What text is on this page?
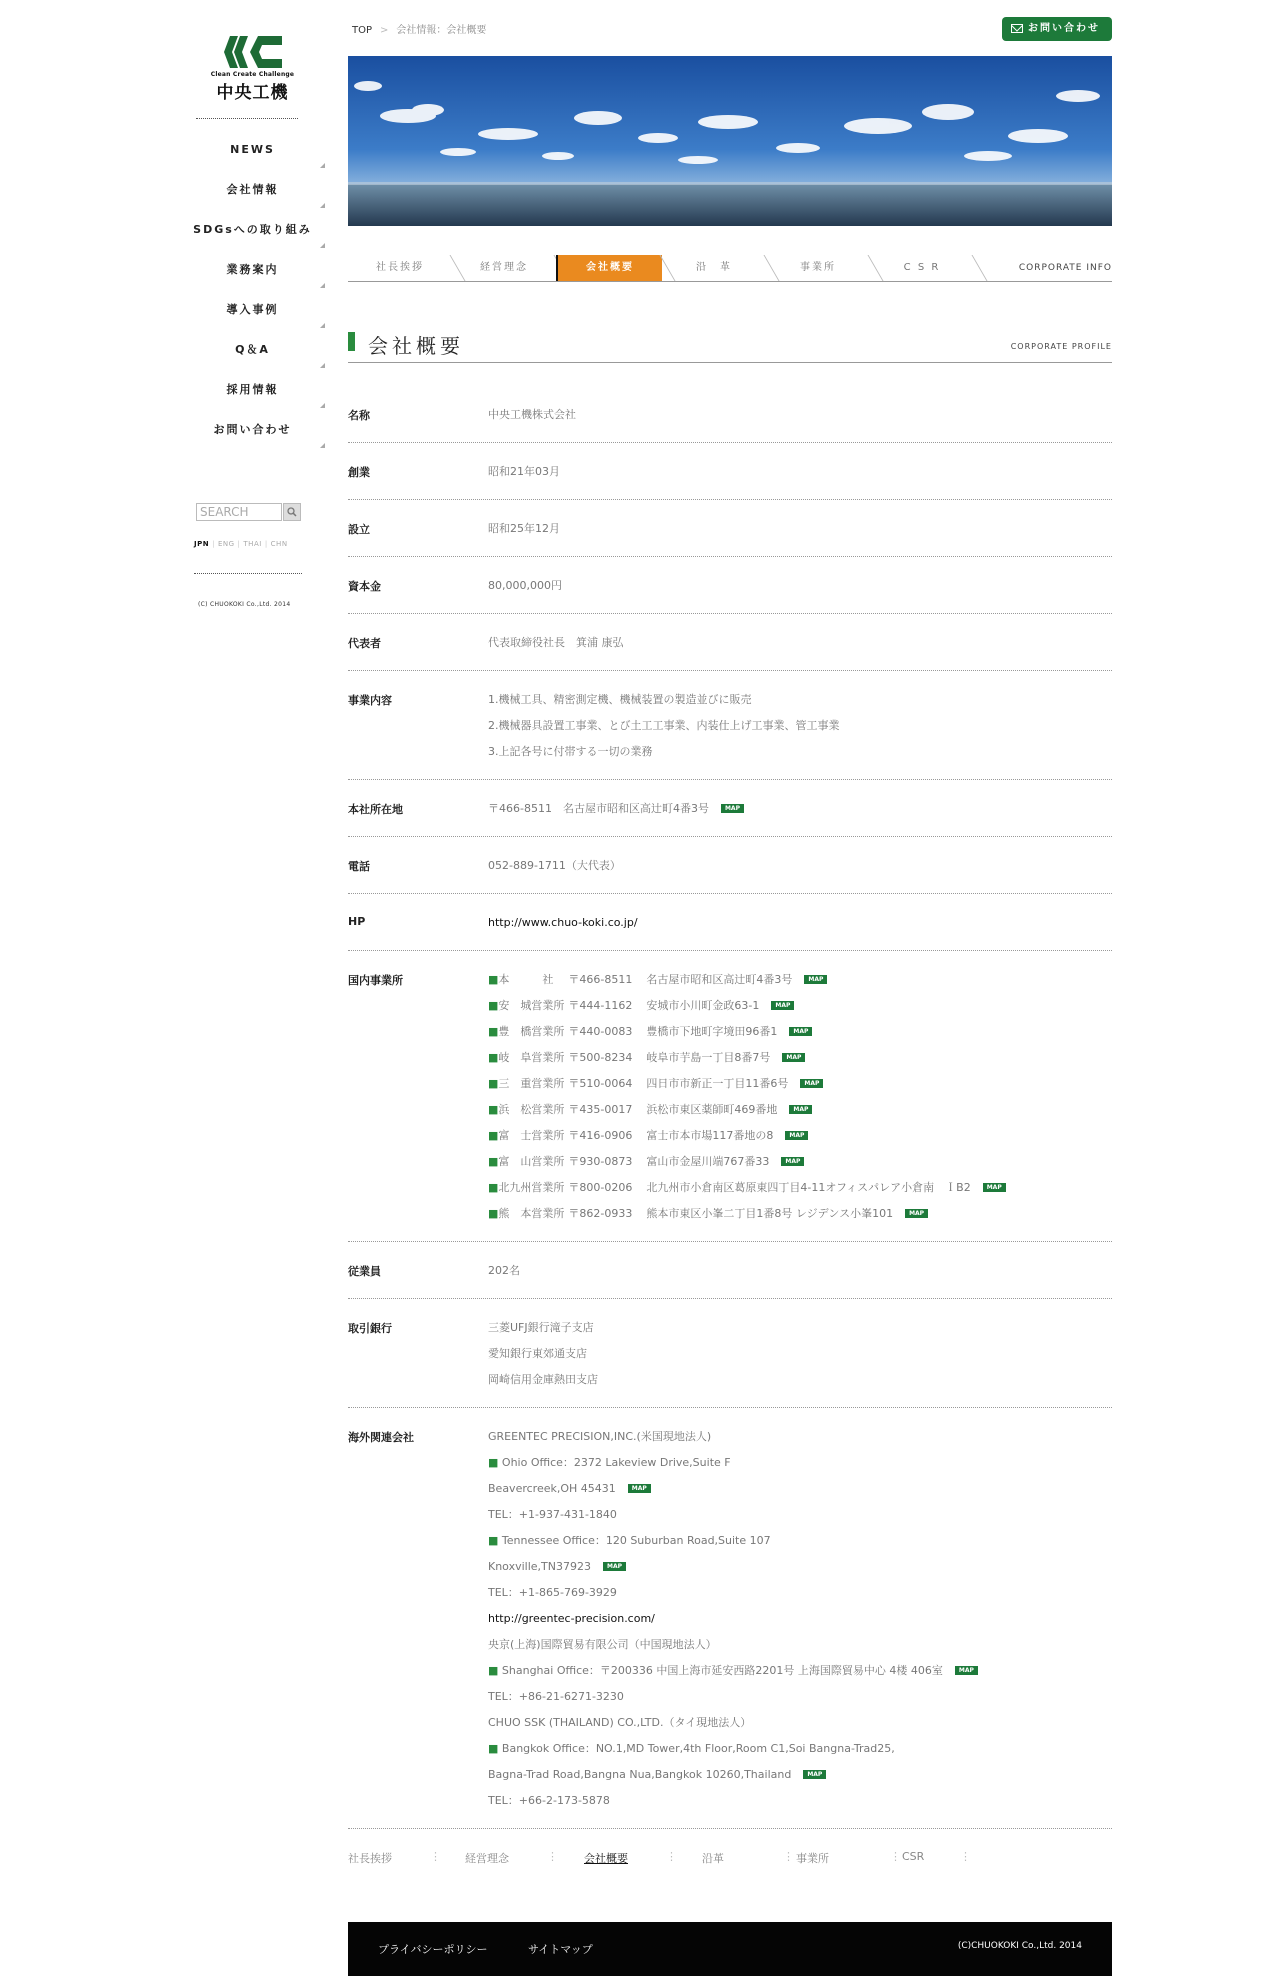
Clean Create Challenge
中央工機
NEWS
会社情報
SDGsへの取り組み
業務案内
導入事例
Q＆A
採用情報
お問い合わせ
SEARCH
JPN | ENG | THAI | CHN
(C) CHUOKOKI Co.,Ltd. 2014
TOP > 会社情報：会社概要	お問い合わせ
社長挨拶	経営理念	会社概要	沿　革	事業所	C S R	CORPORATE INFO
会社概要	CORPORATE PROFILE
名称	中央工機株式会社
創業	昭和21年03月
設立	昭和25年12月
資本金	80,000,000円
代表者	代表取締役社長　箕浦 康弘
事業内容	1.機械工具、精密測定機、機械装置の製造並びに販売
2.機械器具設置工事業、とび土工工事業、内装仕上げ工事業、管工事業
3.上記各号に付帯する一切の業務
本社所在地	〒466-8511　名古屋市昭和区高辻町4番3号	MAP
電話	052-889-1711（大代表）
HP	http://www.chuo-koki.co.jp/
国内事業所	■本　　　社 〒466-8511 名古屋市昭和区高辻町4番3号	MAP
■安　城営業所 〒444-1162 安城市小川町金政63-1	MAP
■豊　橋営業所 〒440-0083 豊橋市下地町字境田96番1	MAP
■岐　阜営業所 〒500-8234 岐阜市芋島一丁目8番7号	MAP
■三　重営業所 〒510-0064 四日市市新正一丁目11番6号	MAP
■浜　松営業所 〒435-0017 浜松市東区薬師町469番地	MAP
■富　士営業所 〒416-0906 富士市本市場117番地の8	MAP
■富　山営業所 〒930-0873 富山市金屋川端767番33	MAP
■北九州営業所 〒800-0206 北九州市小倉南区葛原東四丁目4-11オフィスパレア小倉南　ＩB2	MAP
■熊　本営業所 〒862-0933 熊本市東区小峯二丁目1番8号 レジデンス小峯101	MAP
従業員	202名
取引銀行	三菱UFJ銀行滝子支店
愛知銀行東郊通支店
岡崎信用金庫熱田支店
海外関連会社	GREENTEC PRECISION,INC.(米国現地法人)
■ Ohio Office：2372 Lakeview Drive,Suite F
Beavercreek,OH 45431	MAP
TEL：+1-937-431-1840
■ Tennessee Office：120 Suburban Road,Suite 107
Knoxville,TN37923	MAP
TEL：+1-865-769-3929
http://greentec-precision.com/
央京(上海)国際貿易有限公司（中国現地法人）
■ Shanghai Office：〒200336 中国上海市延安西路2201号 上海国際貿易中心 4楼 406室	MAP
TEL：+86-21-6271-3230
CHUO SSK (THAILAND) CO.,LTD.（タイ現地法人）
■ Bangkok Office：NO.1,MD Tower,4th Floor,Room C1,Soi Bangna-Trad25,
Bagna-Trad Road,Bangna Nua,Bangkok 10260,Thailand	MAP
TEL：+66-2-173-5878
社長挨拶	⋮ 経営理念	⋮ 会社概要	⋮ 沿革	⋮ 事業所	⋮ CSR	⋮
プライバシーポリシー	サイトマップ	(C)CHUOKOKI Co.,Ltd. 2014
